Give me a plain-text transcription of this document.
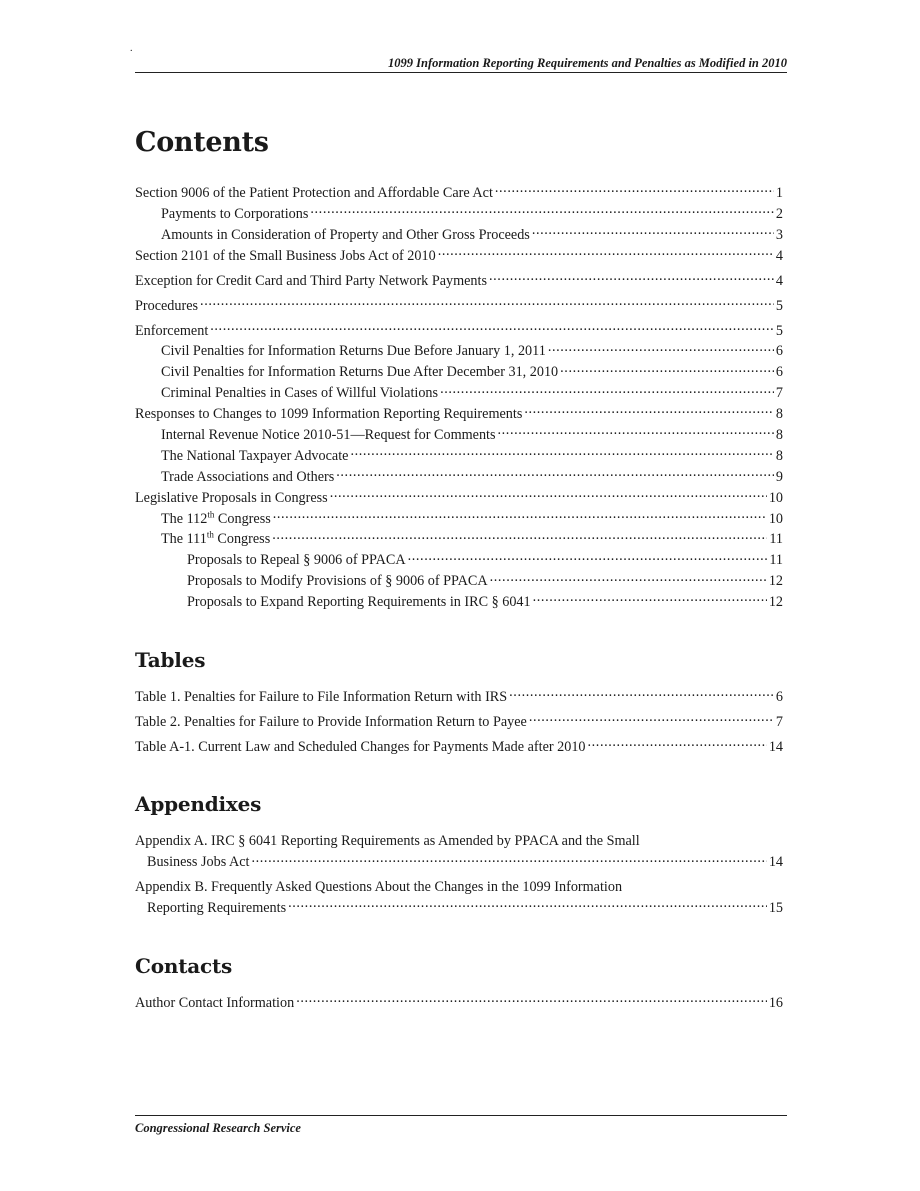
.
1099 Information Reporting Requirements and Penalties as Modified in 2010
Contents
Section 9006 of the Patient Protection and Affordable Care Act .....	1
Payments to Corporations .....	2
Amounts in Consideration of Property and Other Gross Proceeds .....	3
Section 2101 of the Small Business Jobs Act of 2010 .....	4
Exception for Credit Card and Third Party Network Payments .....	4
Procedures .....	5
Enforcement .....	5
Civil Penalties for Information Returns Due Before January 1, 2011 .....	6
Civil Penalties for Information Returns Due After December 31, 2010 .....	6
Criminal Penalties in Cases of Willful Violations .....	7
Responses to Changes to 1099 Information Reporting Requirements .....	8
Internal Revenue Notice 2010-51—Request for Comments .....	8
The National Taxpayer Advocate .....	8
Trade Associations and Others .....	9
Legislative Proposals in Congress .....	10
The 112th Congress .....	10
The 111th Congress .....	11
Proposals to Repeal § 9006 of PPACA .....	11
Proposals to Modify Provisions of § 9006 of PPACA .....	12
Proposals to Expand Reporting Requirements in IRC § 6041 .....	12
Tables
Table 1. Penalties for Failure to File Information Return with IRS .....	6
Table 2. Penalties for Failure to Provide Information Return to Payee .....	7
Table A-1. Current Law and Scheduled Changes for Payments Made after 2010 .....	14
Appendixes
Appendix A. IRC § 6041 Reporting Requirements as Amended by PPACA and the Small
Business Jobs Act .....	14
Appendix B. Frequently Asked Questions About the Changes in the 1099 Information
Reporting Requirements .....	15
Contacts
Author Contact Information .....	16
Congressional Research Service
